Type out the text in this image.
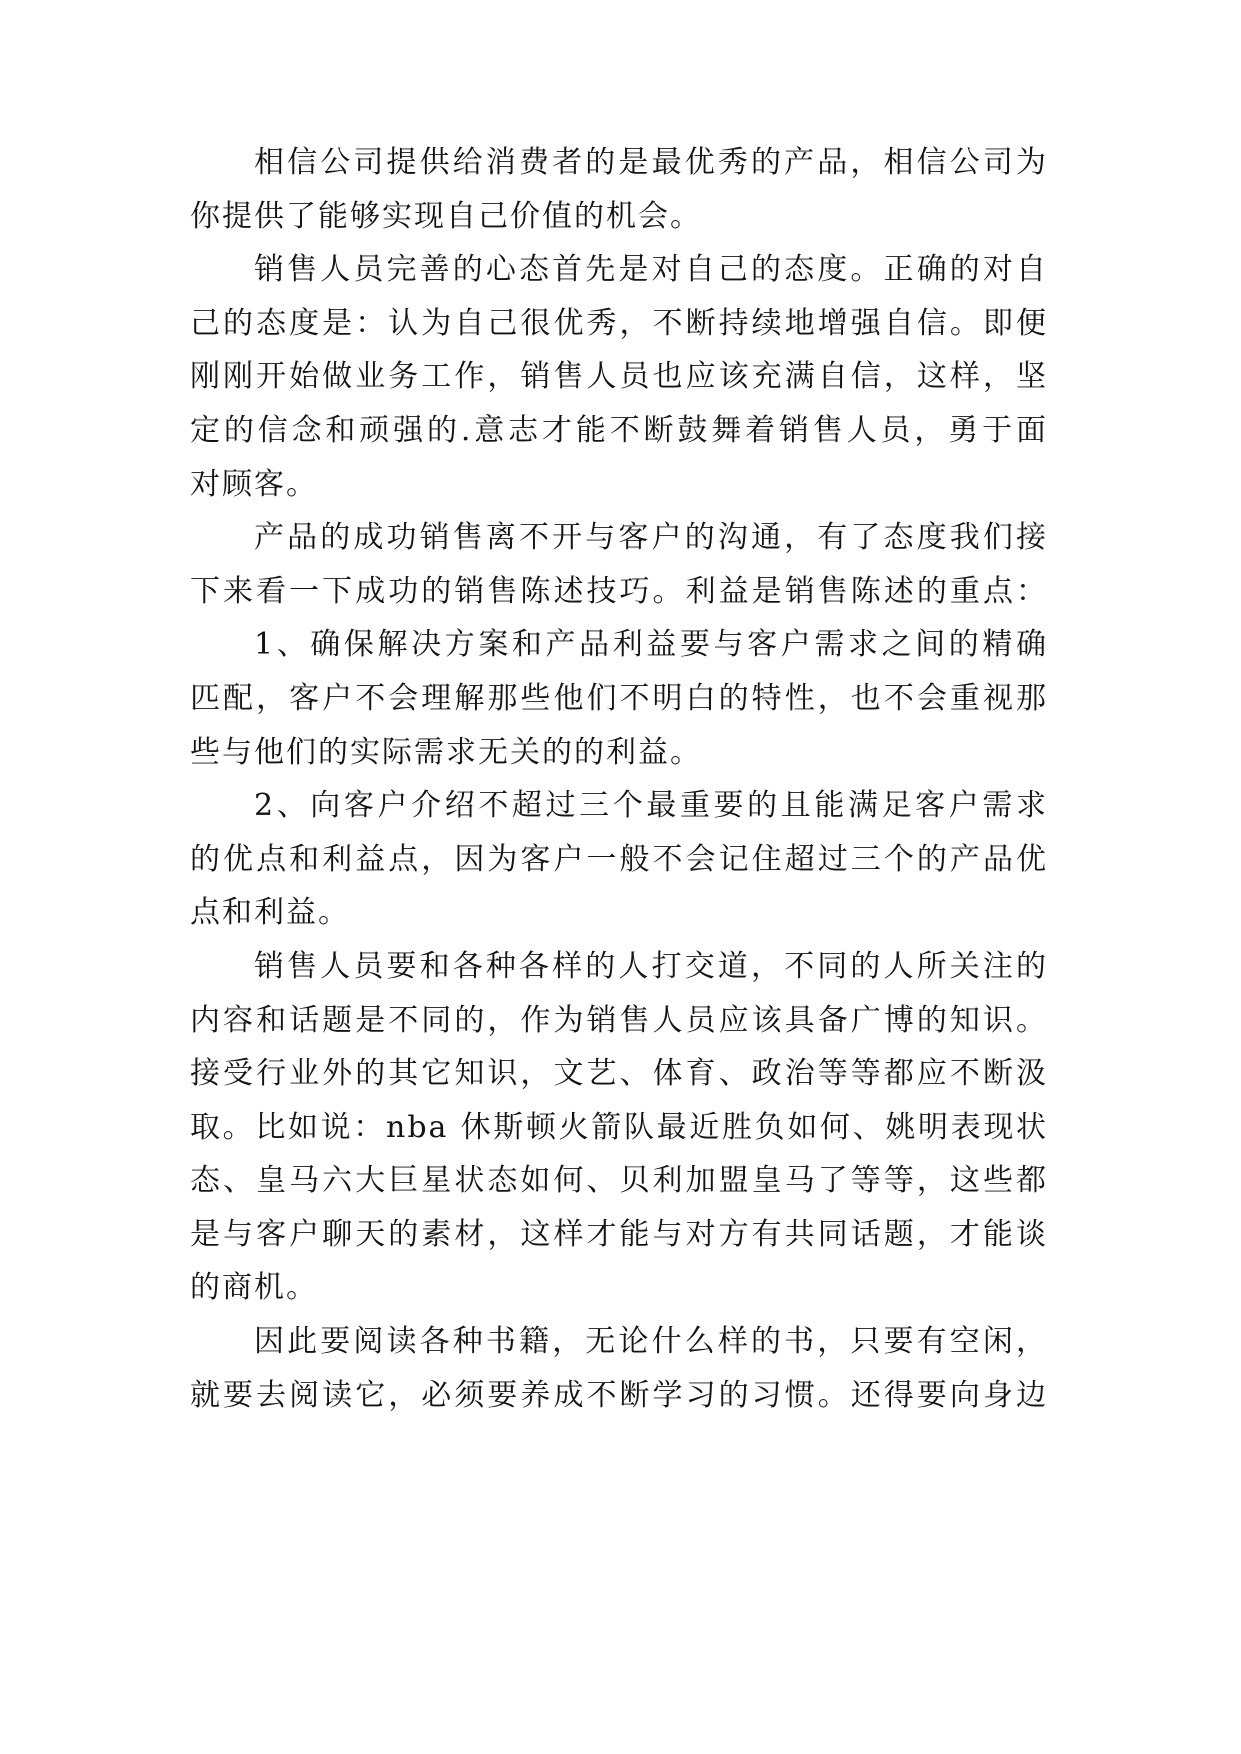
相信公司提供给消费者的是最优秀的产品，相信公司为
你提供了能够实现自己价值的机会。
销售人员完善的心态首先是对自己的态度。正确的对自
己的态度是：认为自己很优秀，不断持续地增强自信。即便
刚刚开始做业务工作，销售人员也应该充满自信，这样，坚
定的信念和顽强的.意志才能不断鼓舞着销售人员，勇于面
对顾客。
产品的成功销售离不开与客户的沟通，有了态度我们接
下来看一下成功的销售陈述技巧。利益是销售陈述的重点：
1、确保解决方案和产品利益要与客户需求之间的精确
匹配，客户不会理解那些他们不明白的特性，也不会重视那
些与他们的实际需求无关的的利益。
2、向客户介绍不超过三个最重要的且能满足客户需求
的优点和利益点，因为客户一般不会记住超过三个的产品优
点和利益。
销售人员要和各种各样的人打交道，不同的人所关注的
内容和话题是不同的，作为销售人员应该具备广博的知识。
接受行业外的其它知识，文艺、体育、政治等等都应不断汲
取。比如说：nba 休斯顿火箭队最近胜负如何、姚明表现状
态、皇马六大巨星状态如何、贝利加盟皇马了等等，这些都
是与客户聊天的素材，这样才能与对方有共同话题，才能谈
的商机。
因此要阅读各种书籍，无论什么样的书，只要有空闲，
就要去阅读它，必须要养成不断学习的习惯。还得要向身边
